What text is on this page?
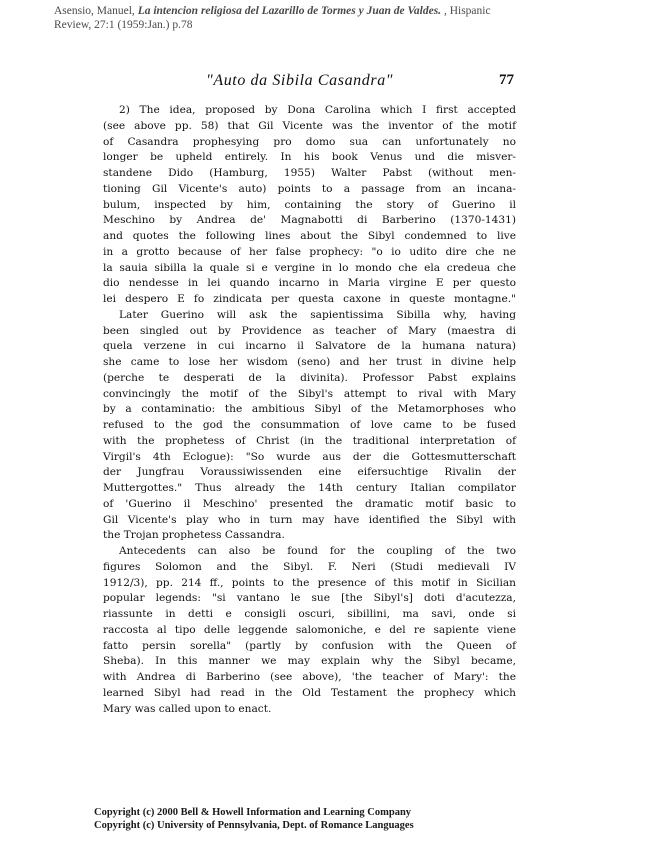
Asensio, Manuel, La intencion religiosa del Lazarillo de Tormes y Juan de Valdes. , Hispanic
Review, 27:1 (1959:Jan.) p.78
"Auto da Sibila Casandra"	77
2) The idea, proposed by Dona Carolina which I first accepted
(see above pp. 58) that Gil Vicente was the inventor of the motif
of Casandra prophesying pro domo sua can unfortunately no
longer be upheld entirely. In his book Venus und die misver-
standene Dido (Hamburg, 1955) Walter Pabst (without men-
tioning Gil Vicente's auto) points to a passage from an incana-
bulum, inspected by him, containing the story of Guerino il
Meschino by Andrea de' Magnabotti di Barberino (1370-1431)
and quotes the following lines about the Sibyl condemned to live
in a grotto because of her false prophecy: "o io udito dire che ne
la sauia sibilla la quale si e vergine in lo mondo che ela credeua che
dio nendesse in lei quando incarno in Maria virgine E per questo
lei despero E fo zindicata per questa caxone in queste montagne."
Later Guerino will ask the sapientissima Sibilla why, having
been singled out by Providence as teacher of Mary (maestra di
quela verzene in cui incarno il Salvatore de la humana natura)
she came to lose her wisdom (seno) and her trust in divine help
(perche te desperati de la divinita). Professor Pabst explains
convincingly the motif of the Sibyl's attempt to rival with Mary
by a contaminatio: the ambitious Sibyl of the Metamorphoses who
refused to the god the consummation of love came to be fused
with the prophetess of Christ (in the traditional interpretation of
Virgil's 4th Eclogue): "So wurde aus der die Gottesmutterschaft
der Jungfrau Voraussiwissenden eine eifersuchtige Rivalin der
Muttergottes." Thus already the 14th century Italian compilator
of 'Guerino il Meschino' presented the dramatic motif basic to
Gil Vicente's play who in turn may have identified the Sibyl with
the Trojan prophetess Cassandra.
Antecedents can also be found for the coupling of the two
figures Solomon and the Sibyl. F. Neri (Studi medievali IV
1912/3), pp. 214 ff., points to the presence of this motif in Sicilian
popular legends: "si vantano le sue [the Sibyl's] doti d'acutezza,
riassunte in detti e consigli oscuri, sibillini, ma savi, onde si
raccosta al tipo delle leggende salomoniche, e del re sapiente viene
fatto persin sorella" (partly by confusion with the Queen of
Sheba). In this manner we may explain why the Sibyl became,
with Andrea di Barberino (see above), 'the teacher of Mary': the
learned Sibyl had read in the Old Testament the prophecy which
Mary was called upon to enact.
Copyright (c) 2000 Bell & Howell Information and Learning Company
Copyright (c) University of Pennsylvania, Dept. of Romance Languages
